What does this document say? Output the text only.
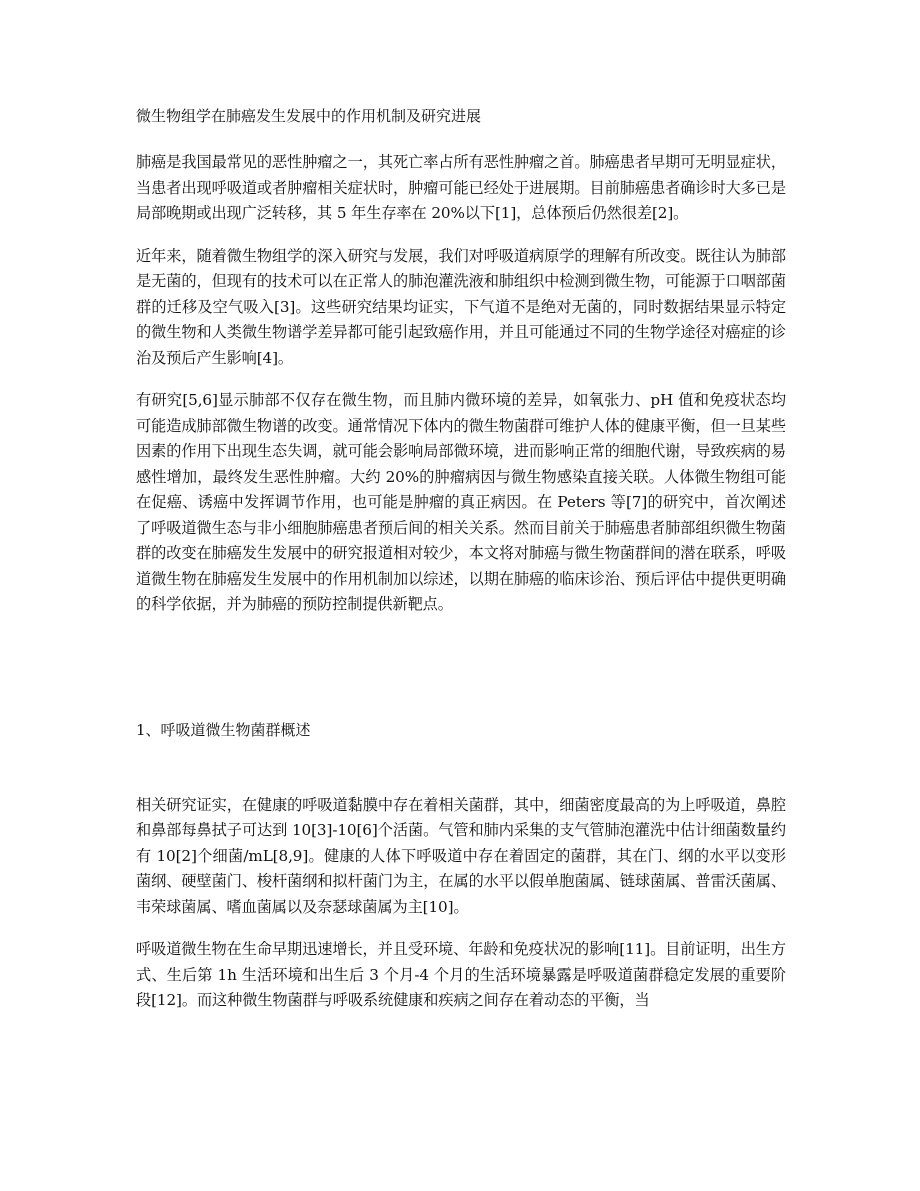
微生物组学在肺癌发生发展中的作用机制及研究进展

肺癌是我国最常见的恶性肿瘤之一，其死亡率占所有恶性肿瘤之首。肺癌患者早期可无明显症状，当患者出现呼吸道或者肿瘤相关症状时，肿瘤可能已经处于进展期。目前肺癌患者确诊时大多已是局部晚期或出现广泛转移，其 5 年生存率在 20%以下[1]，总体预后仍然很差[2]。

近年来，随着微生物组学的深入研究与发展，我们对呼吸道病原学的理解有所改变。既往认为肺部是无菌的，但现有的技术可以在正常人的肺泡灌洗液和肺组织中检测到微生物，可能源于口咽部菌群的迁移及空气吸入[3]。这些研究结果均证实，下气道不是绝对无菌的，同时数据结果显示特定的微生物和人类微生物谱学差异都可能引起致癌作用，并且可能通过不同的生物学途径对癌症的诊治及预后产生影响[4]。

有研究[5,6]显示肺部不仅存在微生物，而且肺内微环境的差异，如氧张力、pH 值和免疫状态均可能造成肺部微生物谱的改变。通常情况下体内的微生物菌群可维护人体的健康平衡，但一旦某些因素的作用下出现生态失调，就可能会影响局部微环境，进而影响正常的细胞代谢，导致疾病的易感性增加，最终发生恶性肿瘤。大约 20%的肿瘤病因与微生物感染直接关联。人体微生物组可能在促癌、诱癌中发挥调节作用，也可能是肿瘤的真正病因。在 Peters 等[7]的研究中，首次阐述了呼吸道微生态与非小细胞肺癌患者预后间的相关关系。然而目前关于肺癌患者肺部组织微生物菌群的改变在肺癌发生发展中的研究报道相对较少，本文将对肺癌与微生物菌群间的潜在联系，呼吸道微生物在肺癌发生发展中的作用机制加以综述，以期在肺癌的临床诊治、预后评估中提供更明确的科学依据，并为肺癌的预防控制提供新靶点。

1、呼吸道微生物菌群概述

相关研究证实，在健康的呼吸道黏膜中存在着相关菌群，其中，细菌密度最高的为上呼吸道，鼻腔和鼻部每鼻拭子可达到 10[3]-10[6]个活菌。气管和肺内采集的支气管肺泡灌洗中估计细菌数量约有 10[2]个细菌/mL[8,9]。健康的人体下呼吸道中存在着固定的菌群，其在门、纲的水平以变形菌纲、硬壁菌门、梭杆菌纲和拟杆菌门为主，在属的水平以假单胞菌属、链球菌属、普雷沃菌属、韦荣球菌属、嗜血菌属以及奈瑟球菌属为主[10]。

呼吸道微生物在生命早期迅速增长，并且受环境、年龄和免疫状况的影响[11]。目前证明，出生方式、生后第 1h 生活环境和出生后 3 个月-4 个月的生活环境暴露是呼吸道菌群稳定发展的重要阶段[12]。而这种微生物菌群与呼吸系统健康和疾病之间存在着动态的平衡，当
